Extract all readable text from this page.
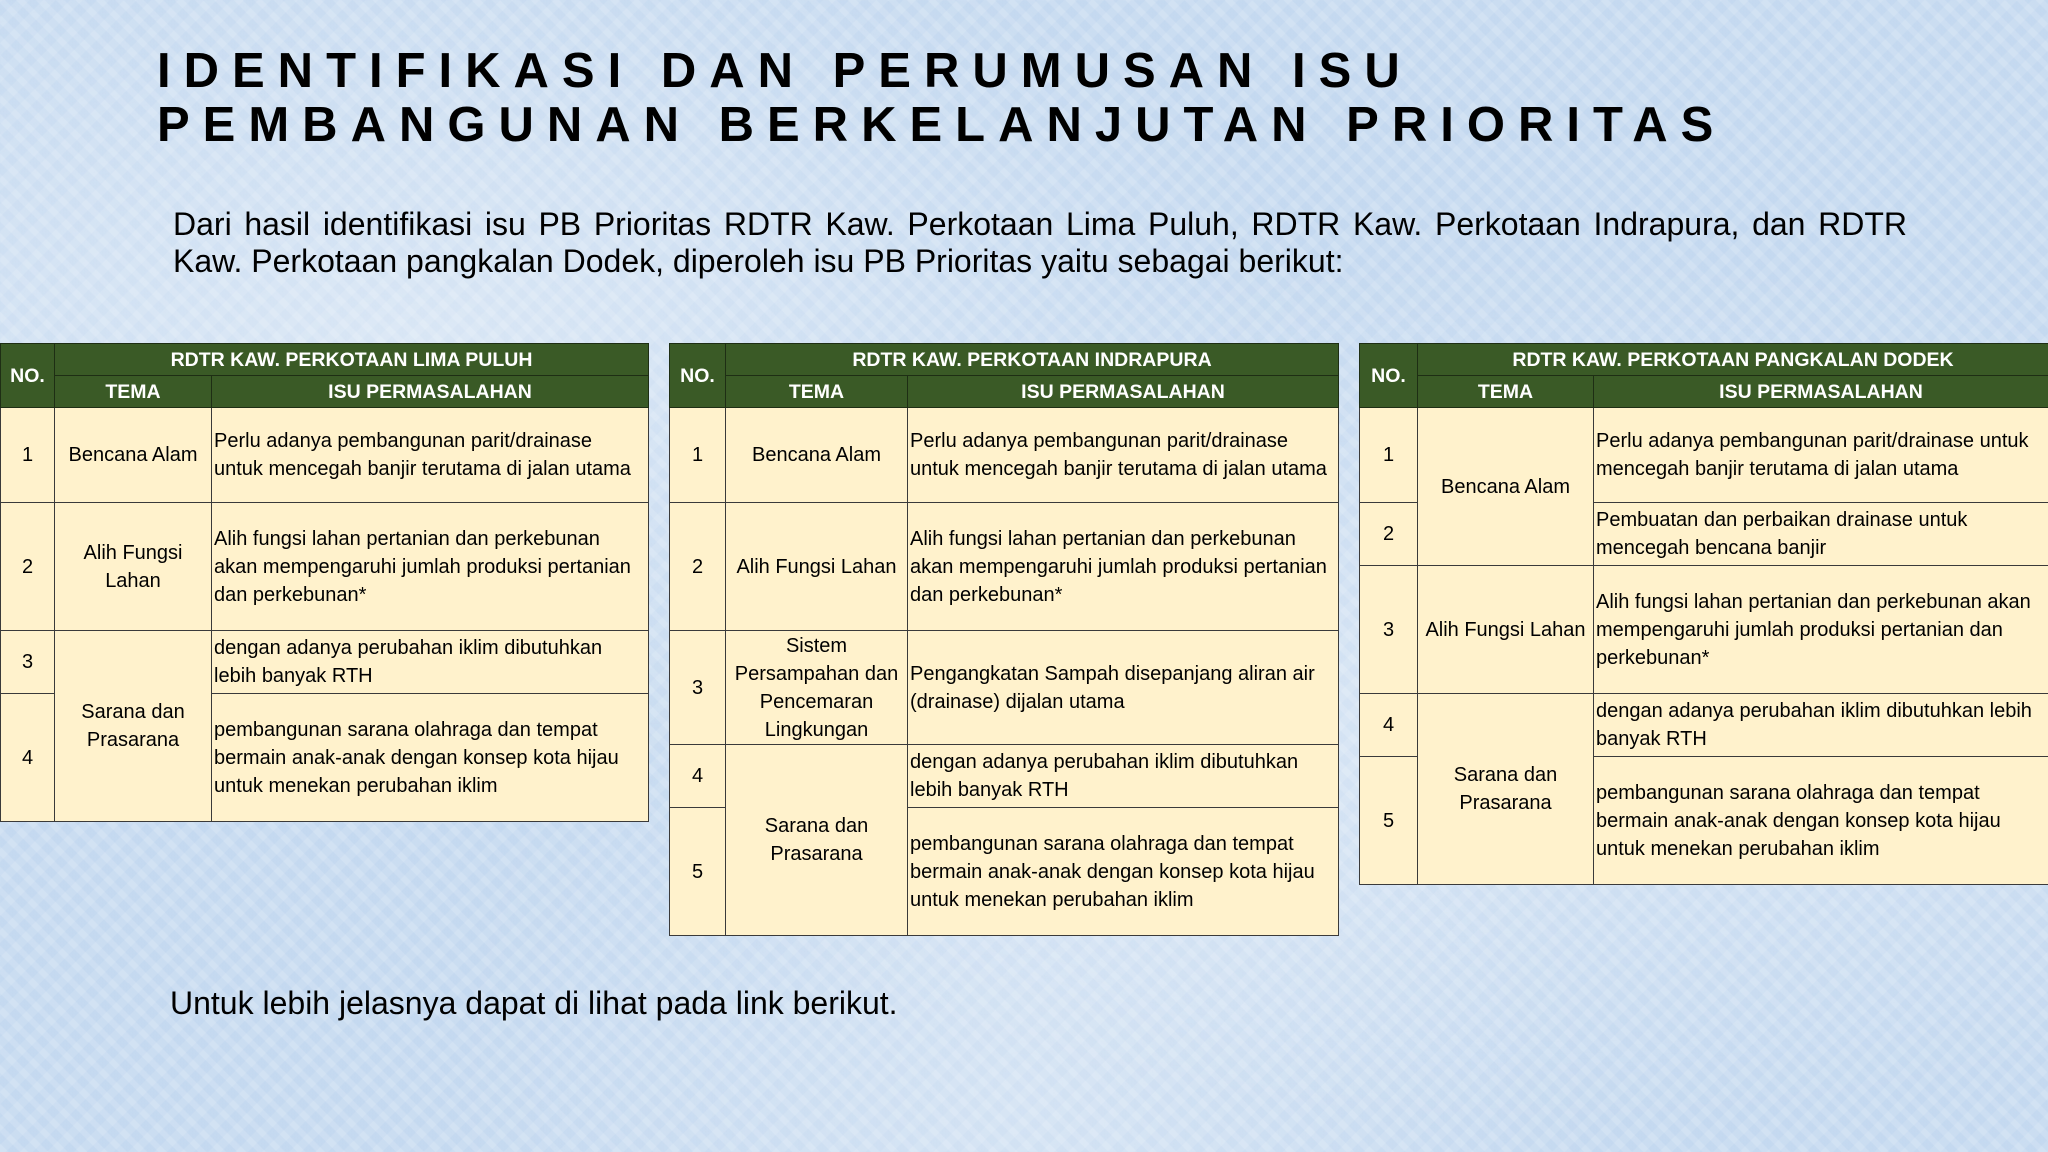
IDENTIFIKASI DAN PERUMUSAN ISU
PEMBANGUNAN BERKELANJUTAN PRIORITAS
Dari hasil identifikasi isu PB Prioritas RDTR Kaw. Perkotaan Lima Puluh, RDTR Kaw. Perkotaan Indrapura, dan RDTR Kaw. Perkotaan pangkalan Dodek, diperoleh isu PB Prioritas yaitu sebagai berikut:
NO.	RDTR KAW. PERKOTAAN LIMA PULUH	
	TEMA	ISU PERMASALAHAN
1	Bencana Alam	Perlu adanya pembangunan parit/drainase untuk mencegah banjir terutama di jalan utama
2	Alih Fungsi Lahan	Alih fungsi lahan pertanian dan perkebunan akan mempengaruhi jumlah produksi pertanian dan perkebunan*
3	Sarana dan Prasarana	dengan adanya perubahan iklim dibutuhkan lebih banyak RTH
4		pembangunan sarana olahraga dan tempat bermain anak-anak dengan konsep kota hijau untuk menekan perubahan iklim
NO.	RDTR KAW. PERKOTAAN INDRAPURA	
	TEMA	ISU PERMASALAHAN
1	Bencana Alam	Perlu adanya pembangunan parit/drainase untuk mencegah banjir terutama di jalan utama
2	Alih Fungsi Lahan	Alih fungsi lahan pertanian dan perkebunan akan mempengaruhi jumlah produksi pertanian dan perkebunan*
3	Sistem Persampahan dan Pencemaran Lingkungan	Pengangkatan Sampah disepanjang aliran air (drainase) dijalan utama
4	Sarana dan Prasarana	dengan adanya perubahan iklim dibutuhkan lebih banyak RTH
5		pembangunan sarana olahraga dan tempat bermain anak-anak dengan konsep kota hijau untuk menekan perubahan iklim
NO.	RDTR KAW. PERKOTAAN PANGKALAN DODEK	
	TEMA	ISU PERMASALAHAN
1	Bencana Alam	Perlu adanya pembangunan parit/drainase untuk mencegah banjir terutama di jalan utama
2		Pembuatan dan perbaikan drainase untuk mencegah bencana banjir
3	Alih Fungsi Lahan	Alih fungsi lahan pertanian dan perkebunan akan mempengaruhi jumlah produksi pertanian dan perkebunan*
4	Sarana dan Prasarana	dengan adanya perubahan iklim dibutuhkan lebih banyak RTH
5		pembangunan sarana olahraga dan tempat bermain anak-anak dengan konsep kota hijau untuk menekan perubahan iklim
Untuk lebih jelasnya dapat di lihat pada link berikut.
